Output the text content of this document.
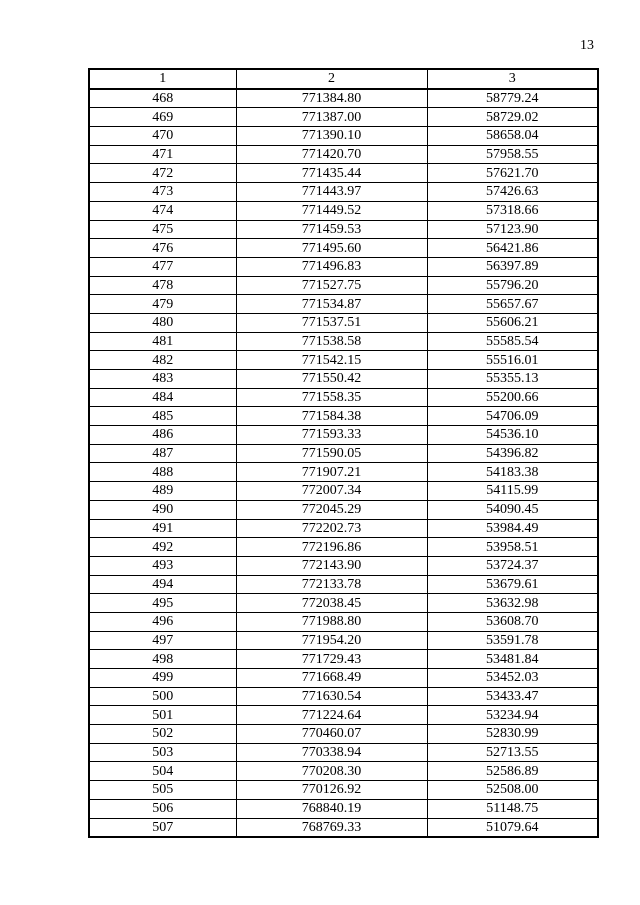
13
1	2	3
468	771384.80	58779.24
469	771387.00	58729.02
470	771390.10	58658.04
471	771420.70	57958.55
472	771435.44	57621.70
473	771443.97	57426.63
474	771449.52	57318.66
475	771459.53	57123.90
476	771495.60	56421.86
477	771496.83	56397.89
478	771527.75	55796.20
479	771534.87	55657.67
480	771537.51	55606.21
481	771538.58	55585.54
482	771542.15	55516.01
483	771550.42	55355.13
484	771558.35	55200.66
485	771584.38	54706.09
486	771593.33	54536.10
487	771590.05	54396.82
488	771907.21	54183.38
489	772007.34	54115.99
490	772045.29	54090.45
491	772202.73	53984.49
492	772196.86	53958.51
493	772143.90	53724.37
494	772133.78	53679.61
495	772038.45	53632.98
496	771988.80	53608.70
497	771954.20	53591.78
498	771729.43	53481.84
499	771668.49	53452.03
500	771630.54	53433.47
501	771224.64	53234.94
502	770460.07	52830.99
503	770338.94	52713.55
504	770208.30	52586.89
505	770126.92	52508.00
506	768840.19	51148.75
507	768769.33	51079.64
